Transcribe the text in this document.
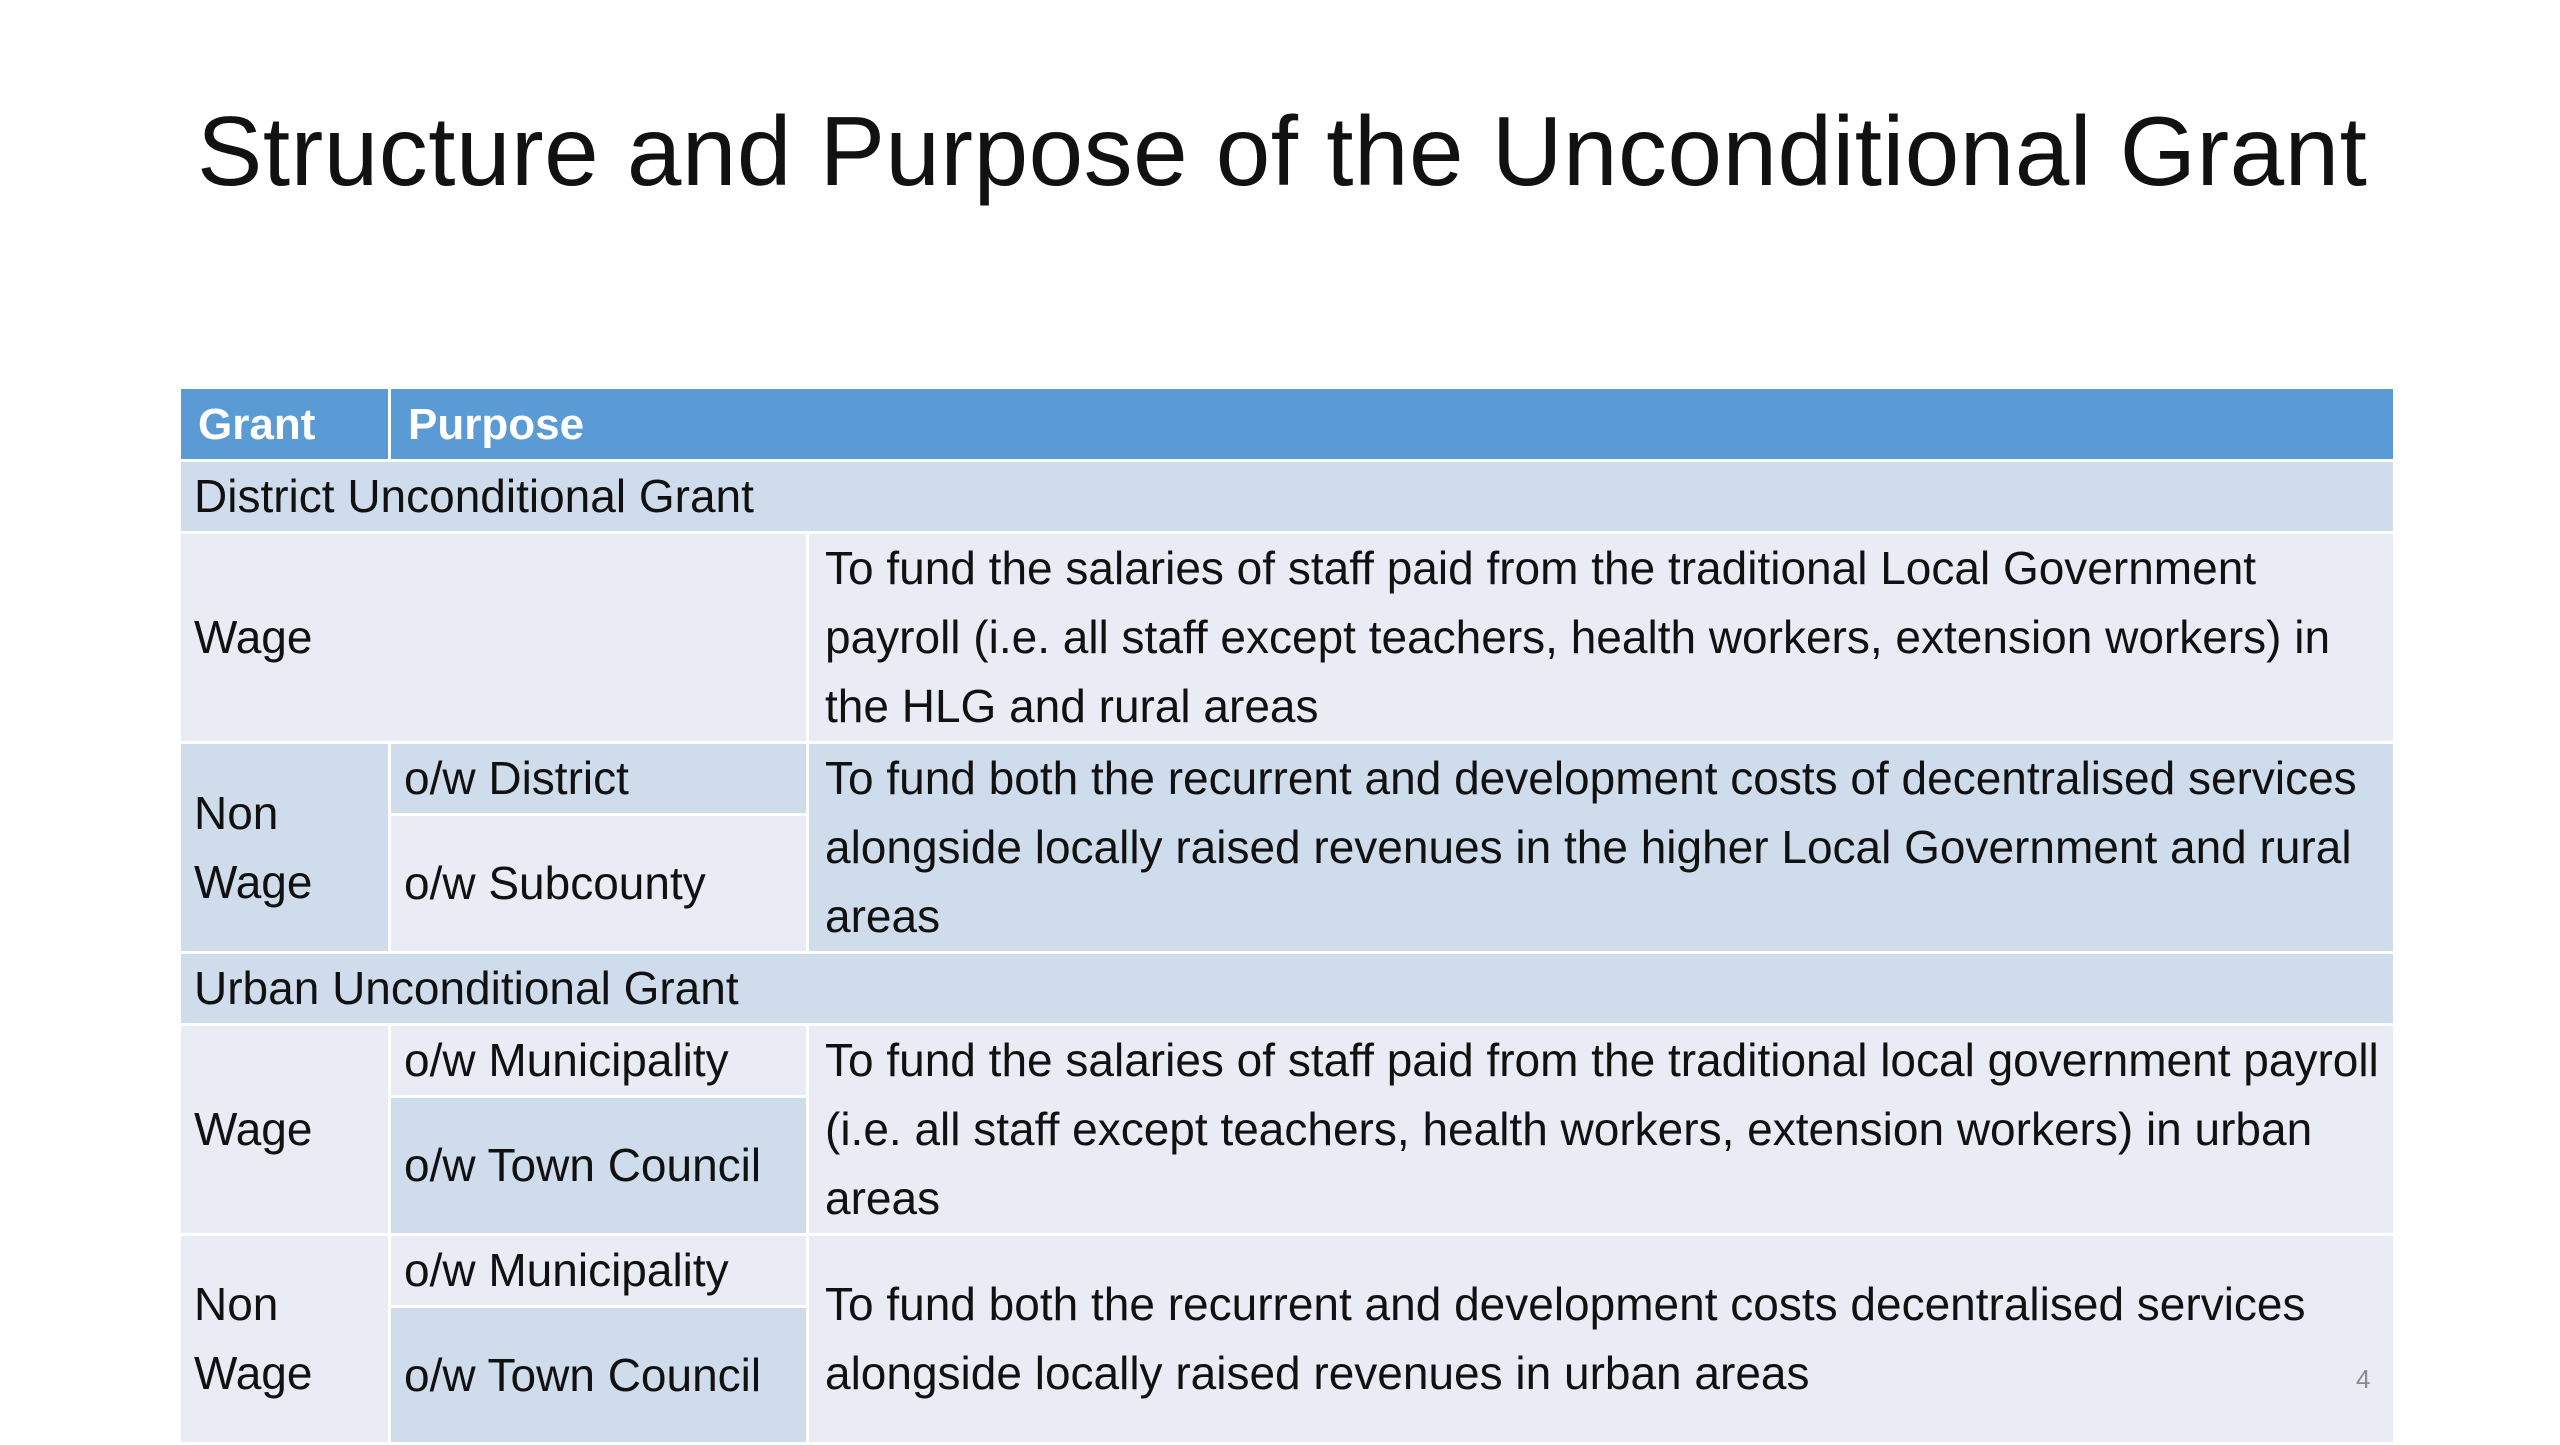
Structure and Purpose of the Unconditional Grant
Grant	Purpose	
District Unconditional Grant		
Wage		To fund the salaries of staff paid from the traditional Local Government payroll (i.e. all staff except teachers, health workers, extension workers) in the HLG and rural areas
Non Wage	o/w District	To fund both the recurrent and development costs of decentralised services alongside locally raised revenues in the higher Local Government and rural areas
	o/w Subcounty	
Urban Unconditional Grant		
Wage	o/w Municipality	To fund the salaries of staff paid from the traditional local government payroll (i.e. all staff except teachers, health workers, extension workers) in urban areas
	o/w Town Council	
Non Wage	o/w Municipality	To fund both the recurrent and development costs decentralised services alongside locally raised revenues in urban areas
	o/w Town Council		4
